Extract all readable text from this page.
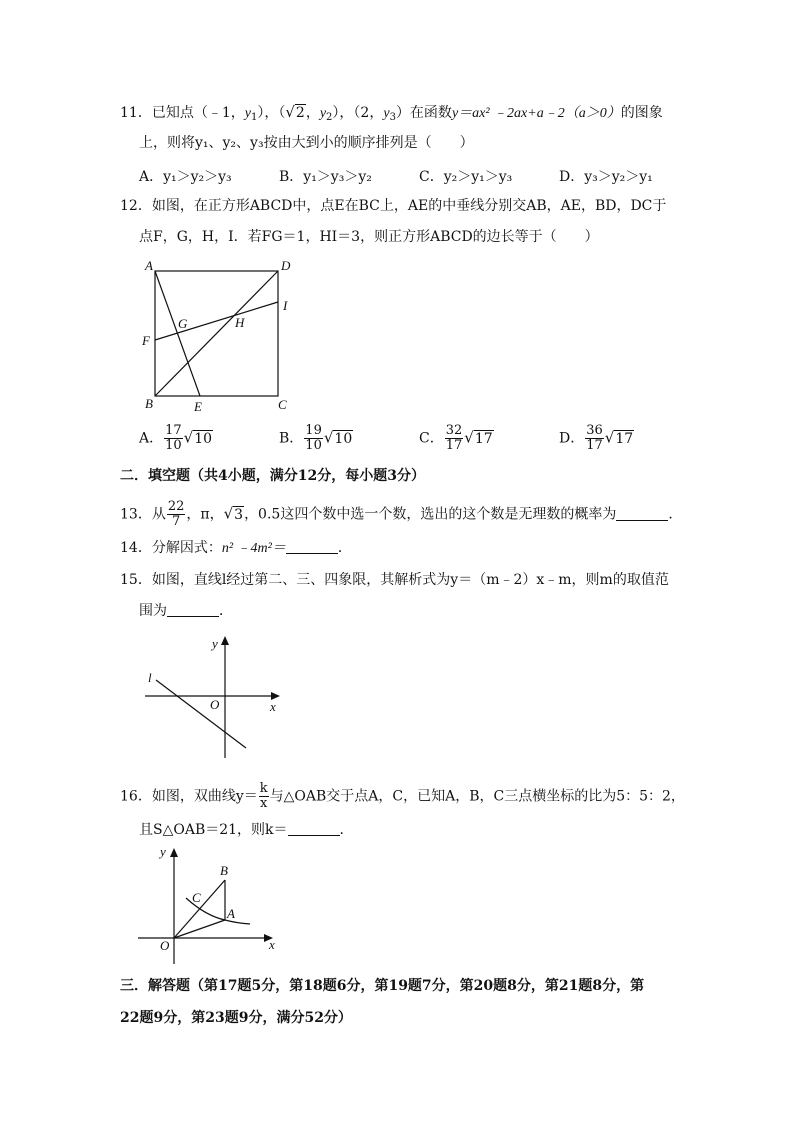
11．已知点（﹣1，$y_1$），（√2，$y_2$），（2，$y_3$）在函数y＝ax² ﹣2ax+a﹣2（a＞0）的图象
上，则将y₁、y₂、y₃按由大到小的顺序排列是（　　）
A．y₁＞y₂＞y₃	B．y₁＞y₃＞y₂	C．y₂＞y₁＞y₃	D．y₃＞y₂＞y₁
12．如图，在正方形ABCD中，点E在BC上，AE的中垂线分别交AB，AE，BD，DC于
点F，G，H，I．若FG＝1，HI＝3，则正方形ABCD的边长等于（　　）
A	D
I
G	H
F
B	E	C
A． $\frac{17}{10} √10$	B． $\frac{19}{10} √10$	C． $\frac{32}{17} √17$	D． $\frac{36}{17} √17$
二．填空题（共4小题，满分12分，每小题3分）
13．从 $\frac{22}{7}$ ，π，√3，0.5这四个数中选一个数，选出的这个数是无理数的概率为	．
14．分解因式：n² ﹣4m²＝	．
15．如图，直线l经过第二、三、四象限，其解析式为y＝（m﹣2）x﹣m，则m的取值范
围为	．
y
x
O
l
16．如图，双曲线$y= \frac{k}{x}$ 与△OAB交于点A，C，已知A，B，C三点横坐标的比为5：5：2，
且S△OAB＝21，则k＝	．
y
x
O
A
B
C
三．解答题（第17题5分，第18题6分，第19题7分，第20题8分，第21题8分，第
22题9分，第23题9分，满分52分）
